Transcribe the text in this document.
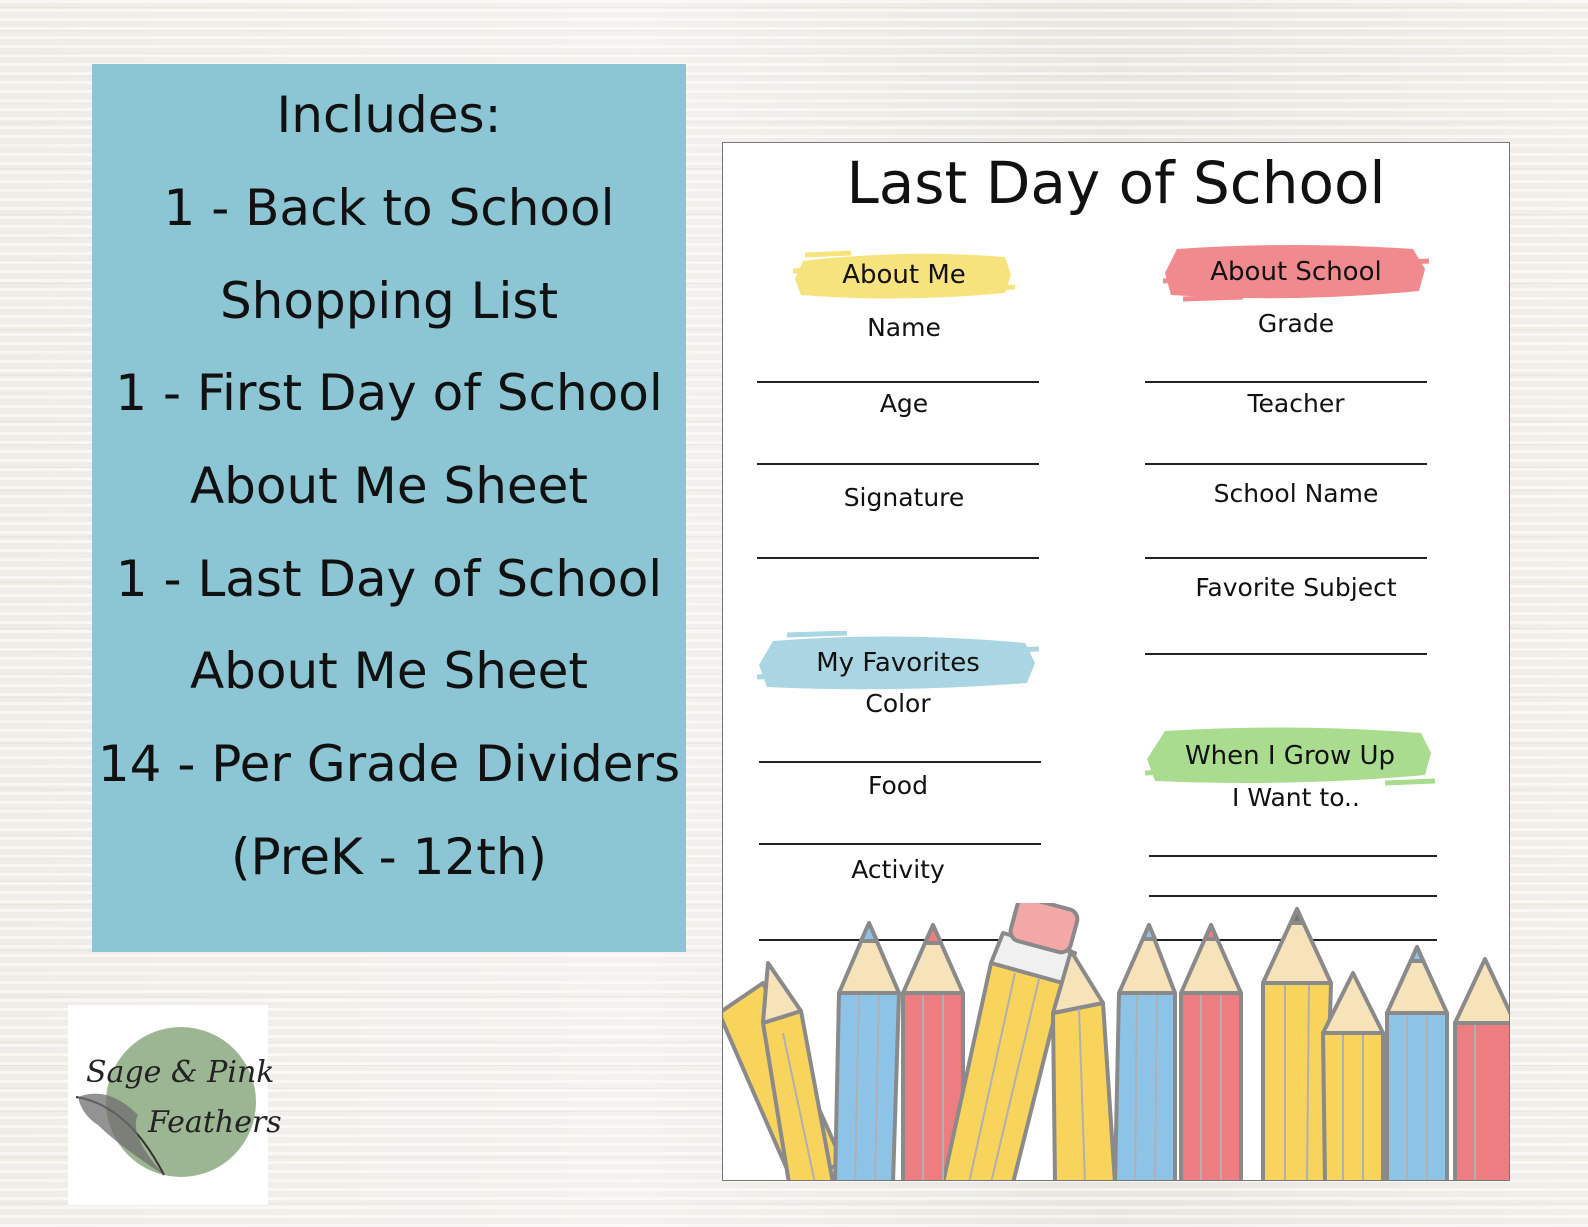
Includes:
1 - Back to School
Shopping List
1 - First Day of School
About Me Sheet
1 - Last Day of School
About Me Sheet
14 - Per Grade Dividers
(PreK - 12th)
Last Day of School
About Me
Name
Age
Signature
About School
Grade
Teacher
School Name
Favorite Subject
My Favorites
Color
Food
Activity
When I Grow Up
I Want to..
Sage & Pink
Feathers
